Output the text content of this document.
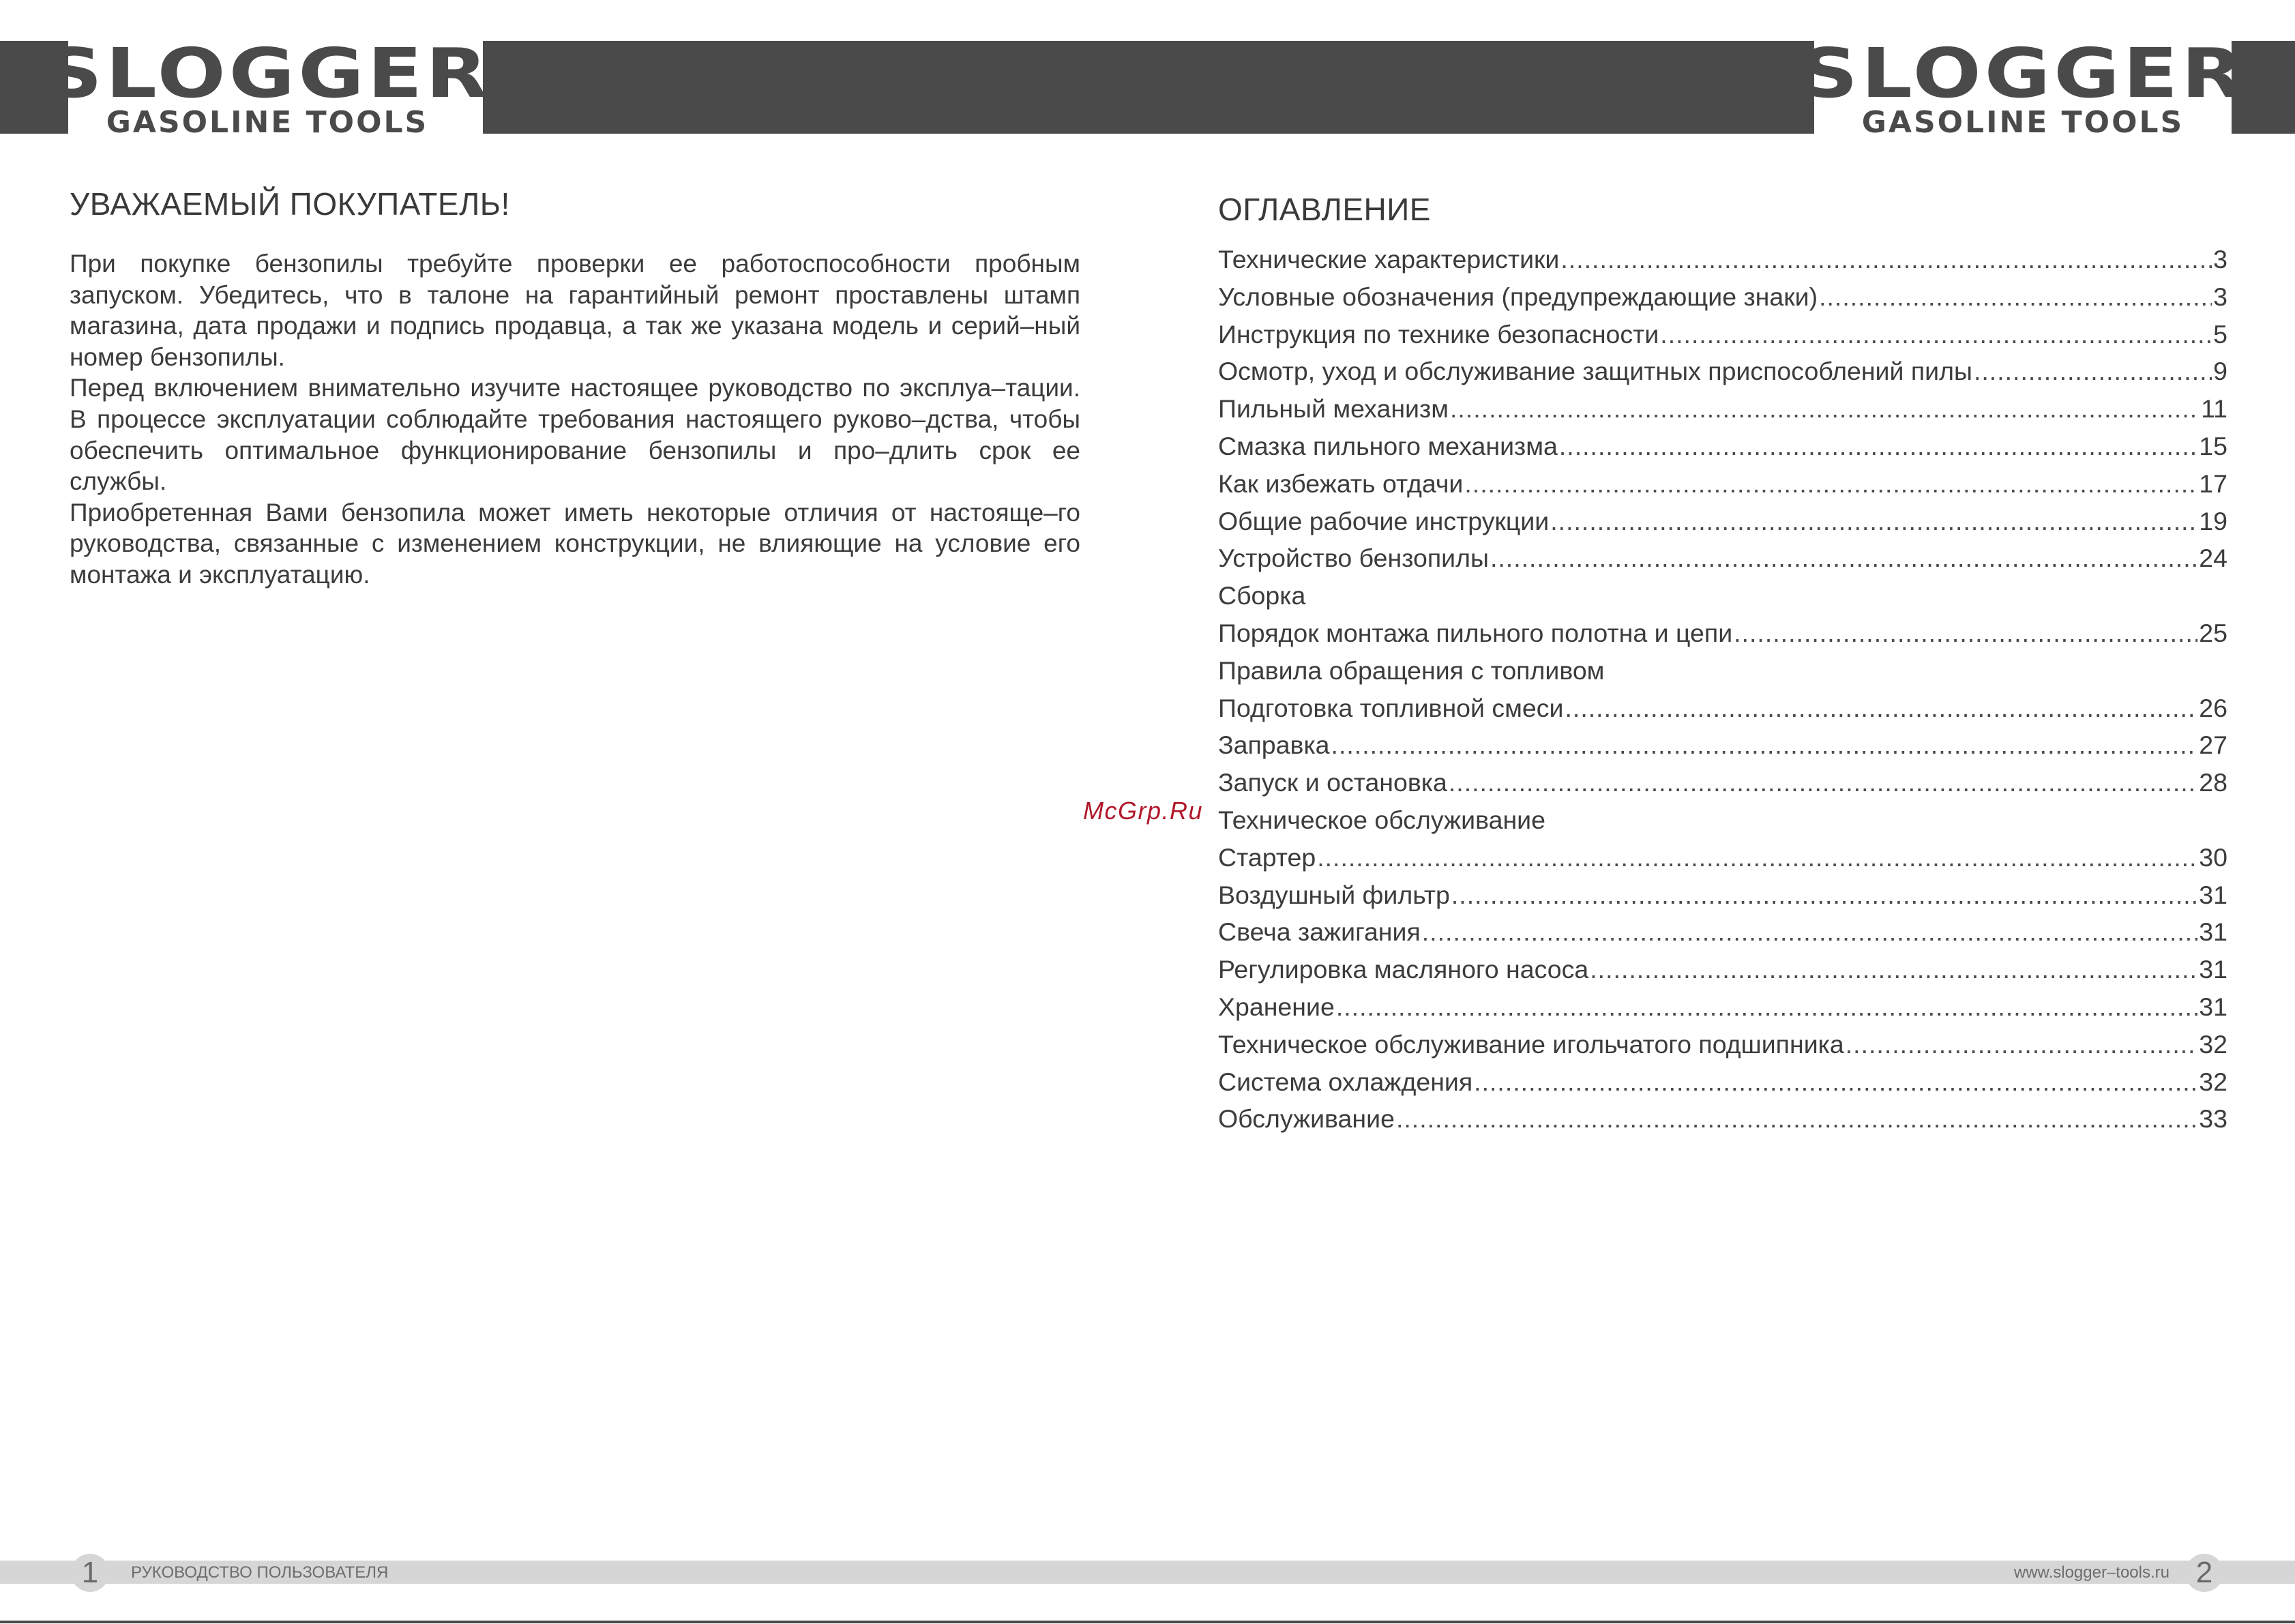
SLOGGER
GASOLINE TOOLS
SLOGGER
GASOLINE TOOLS
УВАЖАЕМЫЙ ПОКУПАТЕЛЬ!

При покупке бензопилы требуйте проверки ее работоспособности пробным запуском. Убедитесь, что в талоне на гарантийный ремонт проставлены штамп магазина, дата продажи и подпись продавца, а так же указана модель и серий–ный номер бензопилы.

Перед включением внимательно изучите настоящее руководство по эксплуа–тации. В процессе эксплуатации соблюдайте требования настоящего руково–дства, чтобы обеспечить оптимальное функционирование бензопилы и про–длить срок ее службы.

Приобретенная Вами бензопила может иметь некоторые отличия от настояще–го руководства, связанные с изменением конструкции, не влияющие на условие его монтажа и эксплуатацию.

ОГЛАВЛЕНИЕ
Технические характеристики .....	3
Условные обозначения (предупреждающие знаки) .....	3
Инструкция по технике безопасности .....	5
Осмотр, уход и обслуживание защитных приспособлений пилы .....	9
Пильный механизм .....	11
Смазка пильного механизма .....	15
Как избежать отдачи .....	17
Общие рабочие инструкции .....	19
Устройство бензопилы .....	24
Сборка
Порядок монтажа пильного полотна и цепи .....	25
Правила обращения с топливом
Подготовка топливной смеси .....	26
Заправка .....	27
Запуск и остановка .....	28
Техническое обслуживание
Стартер .....	30
Воздушный фильтр .....	31
Свеча зажигания .....	31
Регулировка масляного насоса .....	31
Хранение .....	31
Техническое обслуживание игольчатого подшипника .....	32
Система охлаждения .....	32
Обслуживание .....	33
McGrp.Ru
1	РУКОВОДСТВО ПОЛЬЗОВАТЕЛЯ	www.slogger–tools.ru 2
